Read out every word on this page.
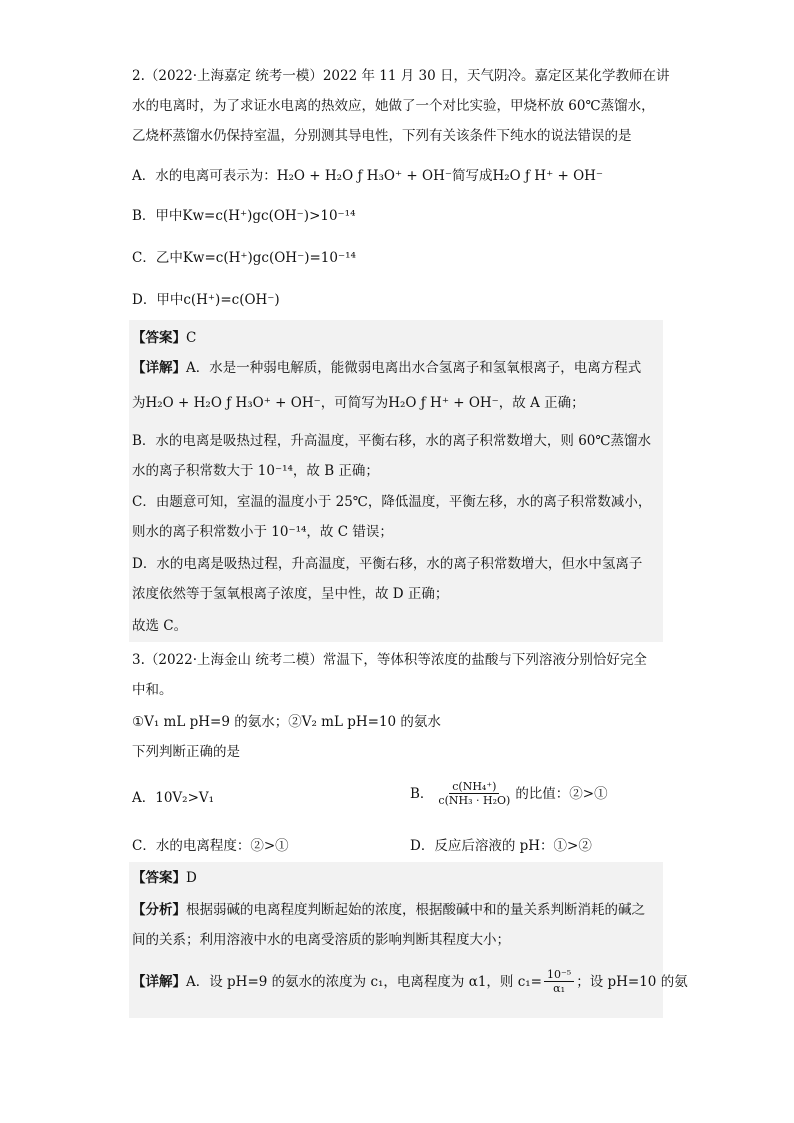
2.（2022·上海嘉定 统考一模）2022 年 11 月 30 日，天气阴冷。嘉定区某化学教师在讲
水的电离时，为了求证水电离的热效应，她做了一个对比实验，甲烧杯放 60℃蒸馏水，
乙烧杯蒸馏水仍保持室温，分别测其导电性，下列有关该条件下纯水的说法错误的是
A．水的电离可表示为：H₂O + H₂O ƒ H₃O⁺ + OH⁻简写成H₂O ƒ H⁺ + OH⁻
B．甲中Kw=c(H⁺)gc(OH⁻)>10⁻¹⁴
C．乙中Kw=c(H⁺)gc(OH⁻)=10⁻¹⁴
D．甲中c(H⁺)=c(OH⁻)
【答案】C
【详解】A．水是一种弱电解质，能微弱电离出水合氢离子和氢氧根离子，电离方程式
为H₂O + H₂O ƒ H₃O⁺ + OH⁻，可简写为H₂O ƒ H⁺ + OH⁻，故 A 正确；
B．水的电离是吸热过程，升高温度，平衡右移，水的离子积常数增大，则 60℃蒸馏水
水的离子积常数大于 10⁻¹⁴，故 B 正确；
C．由题意可知，室温的温度小于 25℃，降低温度，平衡左移，水的离子积常数减小，
则水的离子积常数小于 10⁻¹⁴，故 C 错误；
D．水的电离是吸热过程，升高温度，平衡右移，水的离子积常数增大，但水中氢离子
浓度依然等于氢氧根离子浓度，呈中性，故 D 正确；
故选 C。
3.（2022·上海金山 统考二模）常温下，等体积等浓度的盐酸与下列溶液分别恰好完全
中和。
①V₁ mL pH=9 的氨水；②V₂ mL pH=10 的氨水
下列判断正确的是
A．10V₂>V₁	B． $\frac{\text{c(NH₄⁺)}}{\text{c(NH₃ · H₂O)}}$ 的比值：②>①
C．水的电离程度：②>①	D．反应后溶液的 pH：①>②
【答案】D
【分析】根据弱碱的电离程度判断起始的浓度，根据酸碱中和的量关系判断消耗的碱之
间的关系；利用溶液中水的电离受溶质的影响判断其程度大小；
【详解】A．设 pH=9 的氨水的浓度为 c₁，电离程度为 α1，则 $c_1= \frac{\text{10⁻⁵}}{\text{α₁}}$ ；设 pH=10 的氨
